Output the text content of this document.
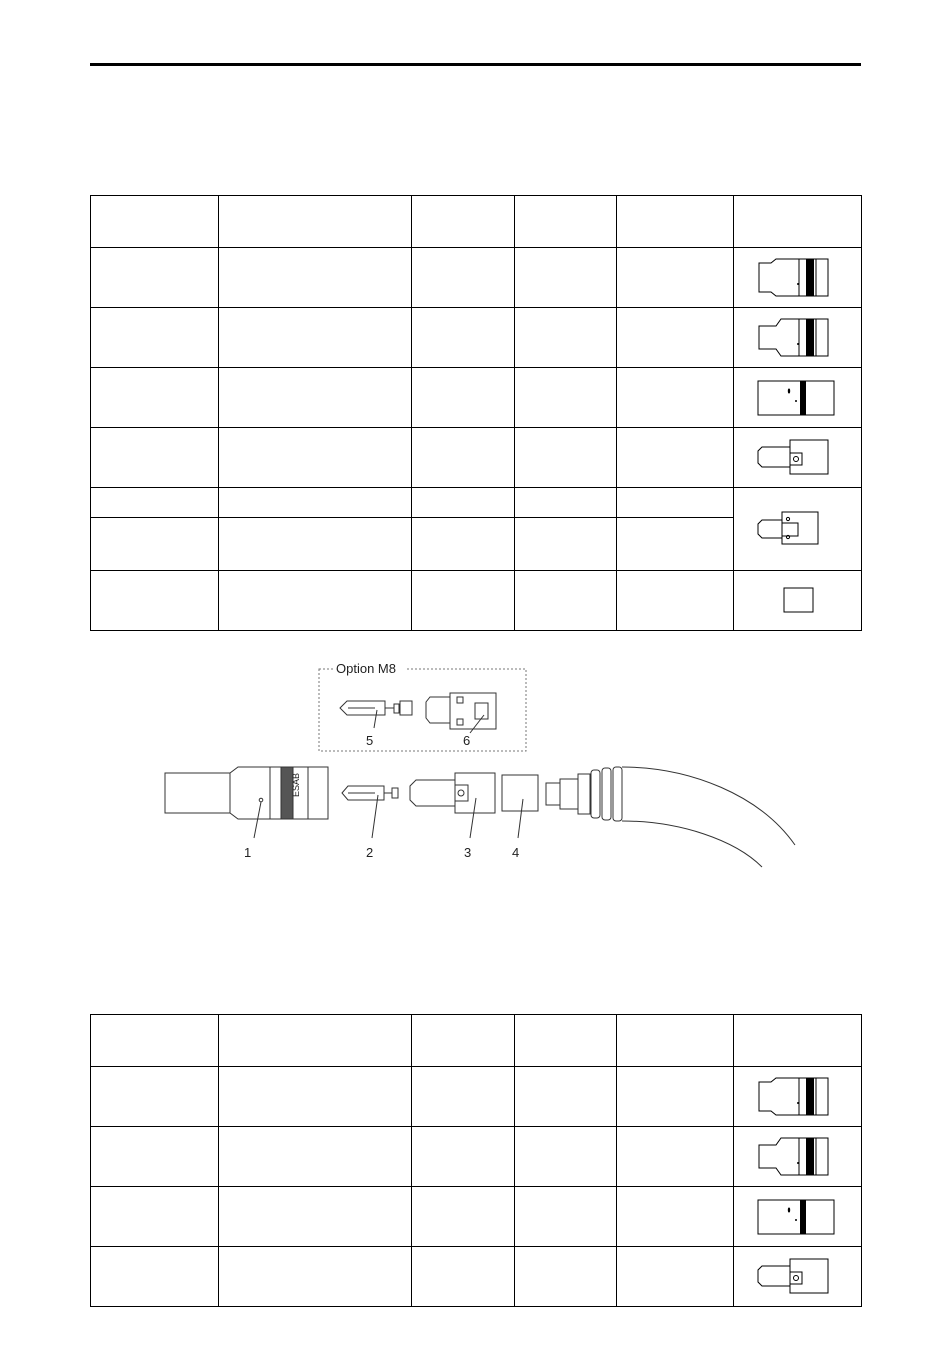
Option M8
5	6
ESAB
1	2	3	4
